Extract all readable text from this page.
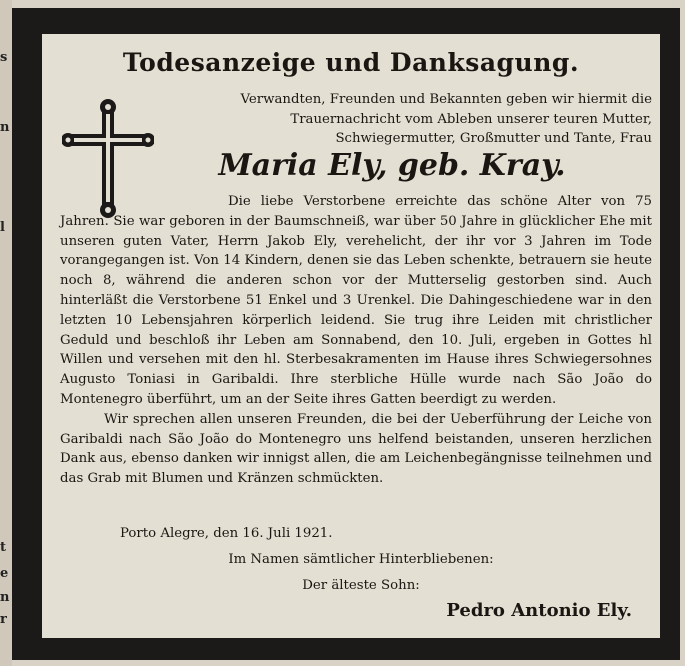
t
e
n
r
s
n
l
Todesanzeige und Danksagung.
Verwandten, Freunden und Bekannten geben wir hiermit die Trauernachricht vom Ableben unserer teuren Mutter, Schwiegermutter, Großmutter und Tante, Frau
Maria Ely, geb. Kray.

Die liebe Verstorbene erreichte das schöne Alter von 75 Jahren. Sie war geboren in der Baumschneiß, war über 50 Jahre in glücklicher Ehe mit unseren guten Vater, Herrn Jakob Ely, verehelicht, der ihr vor 3 Jahren im Tode vorangegangen ist. Von 14 Kindern, denen sie das Leben schenkte, betrauern sie heute noch 8, während die anderen schon vor der Mutterselig gestorben sind. Auch hinterläßt die Verstorbene 51 Enkel und 3 Urenkel. Die Dahingeschiedene war in den letzten 10 Lebensjahren körperlich leidend. Sie trug ihre Leiden mit christlicher Geduld und beschloß ihr Leben am Sonnabend, den 10. Juli, ergeben in Gottes hl Willen und versehen mit den hl. Sterbesakramenten im Hause ihres Schwiegersohnes Augusto Toniasi in Garibaldi. Ihre sterbliche Hülle wurde nach São João do Montenegro überführt, um an der Seite ihres Gatten beerdigt zu werden.

Wir sprechen allen unseren Freunden, die bei der Ueberführung der Leiche von Garibaldi nach São João do Montenegro uns helfend beistanden, unseren herzlichen Dank aus, ebenso danken wir innigst allen, die am Leichenbegängnisse teilnehmen und das Grab mit Blumen und Kränzen schmückten.

Porto Alegre, den 16. Juli 1921.
Im Namen sämtlicher Hinterbliebenen:
Der älteste Sohn:
Pedro Antonio Ely.
